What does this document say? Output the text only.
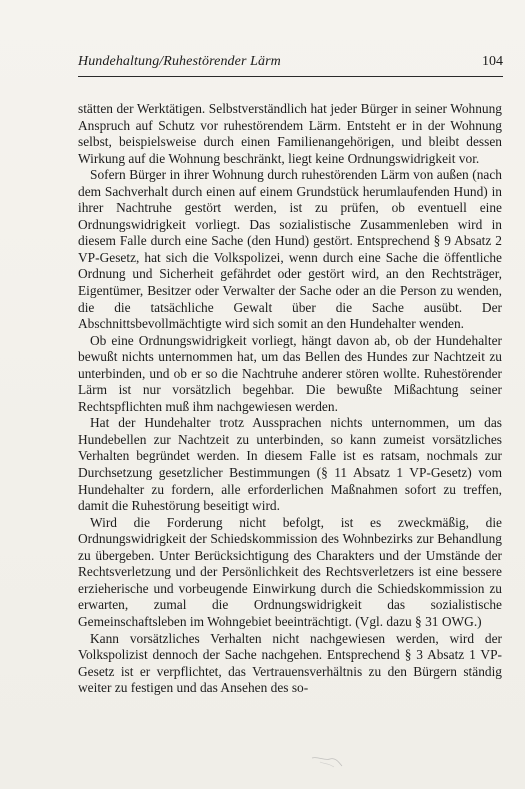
Hundehaltung/Ruhestörender Lärm	104

stätten der Werktätigen. Selbstverständlich hat jeder Bürger in seiner Wohnung Anspruch auf Schutz vor ruhestörendem Lärm. Entsteht er in der Wohnung selbst, beispielsweise durch einen Familienangehörigen, und bleibt dessen Wirkung auf die Wohnung beschränkt, liegt keine Ordnungswidrigkeit vor.

Sofern Bürger in ihrer Wohnung durch ruhestörenden Lärm von außen (nach dem Sachverhalt durch einen auf einem Grundstück herumlaufenden Hund) in ihrer Nachtruhe gestört werden, ist zu prüfen, ob eventuell eine Ordnungswidrigkeit vorliegt. Das sozialistische Zusammenleben wird in diesem Falle durch eine Sache (den Hund) gestört. Entsprechend § 9 Absatz 2 VP-Gesetz, hat sich die Volkspolizei, wenn durch eine Sache die öffentliche Ordnung und Sicherheit gefährdet oder gestört wird, an den Rechtsträger, Eigentümer, Besitzer oder Verwalter der Sache oder an die Person zu wenden, die die tatsächliche Gewalt über die Sache ausübt. Der Abschnittsbevollmächtigte wird sich somit an den Hundehalter wenden.

Ob eine Ordnungswidrigkeit vorliegt, hängt davon ab, ob der Hundehalter bewußt nichts unternommen hat, um das Bellen des Hundes zur Nachtzeit zu unterbinden, und ob er so die Nachtruhe anderer stören wollte. Ruhestörender Lärm ist nur vorsätzlich begehbar. Die bewußte Mißachtung seiner Rechtspflichten muß ihm nachgewiesen werden.

Hat der Hundehalter trotz Aussprachen nichts unternommen, um das Hundebellen zur Nachtzeit zu unterbinden, so kann zumeist vorsätzliches Verhalten begründet werden. In diesem Falle ist es ratsam, nochmals zur Durchsetzung gesetzlicher Bestimmungen (§ 11 Absatz 1 VP-Gesetz) vom Hundehalter zu fordern, alle erforderlichen Maßnahmen sofort zu treffen, damit die Ruhestörung beseitigt wird.

Wird die Forderung nicht befolgt, ist es zweckmäßig, die Ordnungswidrigkeit der Schiedskommission des Wohnbezirks zur Behandlung zu übergeben. Unter Berücksichtigung des Charakters und der Umstände der Rechtsverletzung und der Persönlichkeit des Rechtsverletzers ist eine bessere erzieherische und vorbeugende Einwirkung durch die Schiedskommission zu erwarten, zumal die Ordnungswidrigkeit das sozialistische Gemeinschaftsleben im Wohngebiet beeinträchtigt. (Vgl. dazu § 31 OWG.)

Kann vorsätzliches Verhalten nicht nachgewiesen werden, wird der Volkspolizist dennoch der Sache nachgehen. Entsprechend § 3 Absatz 1 VP-Gesetz ist er verpflichtet, das Vertrauensverhältnis zu den Bürgern ständig weiter zu festigen und das Ansehen des so-
